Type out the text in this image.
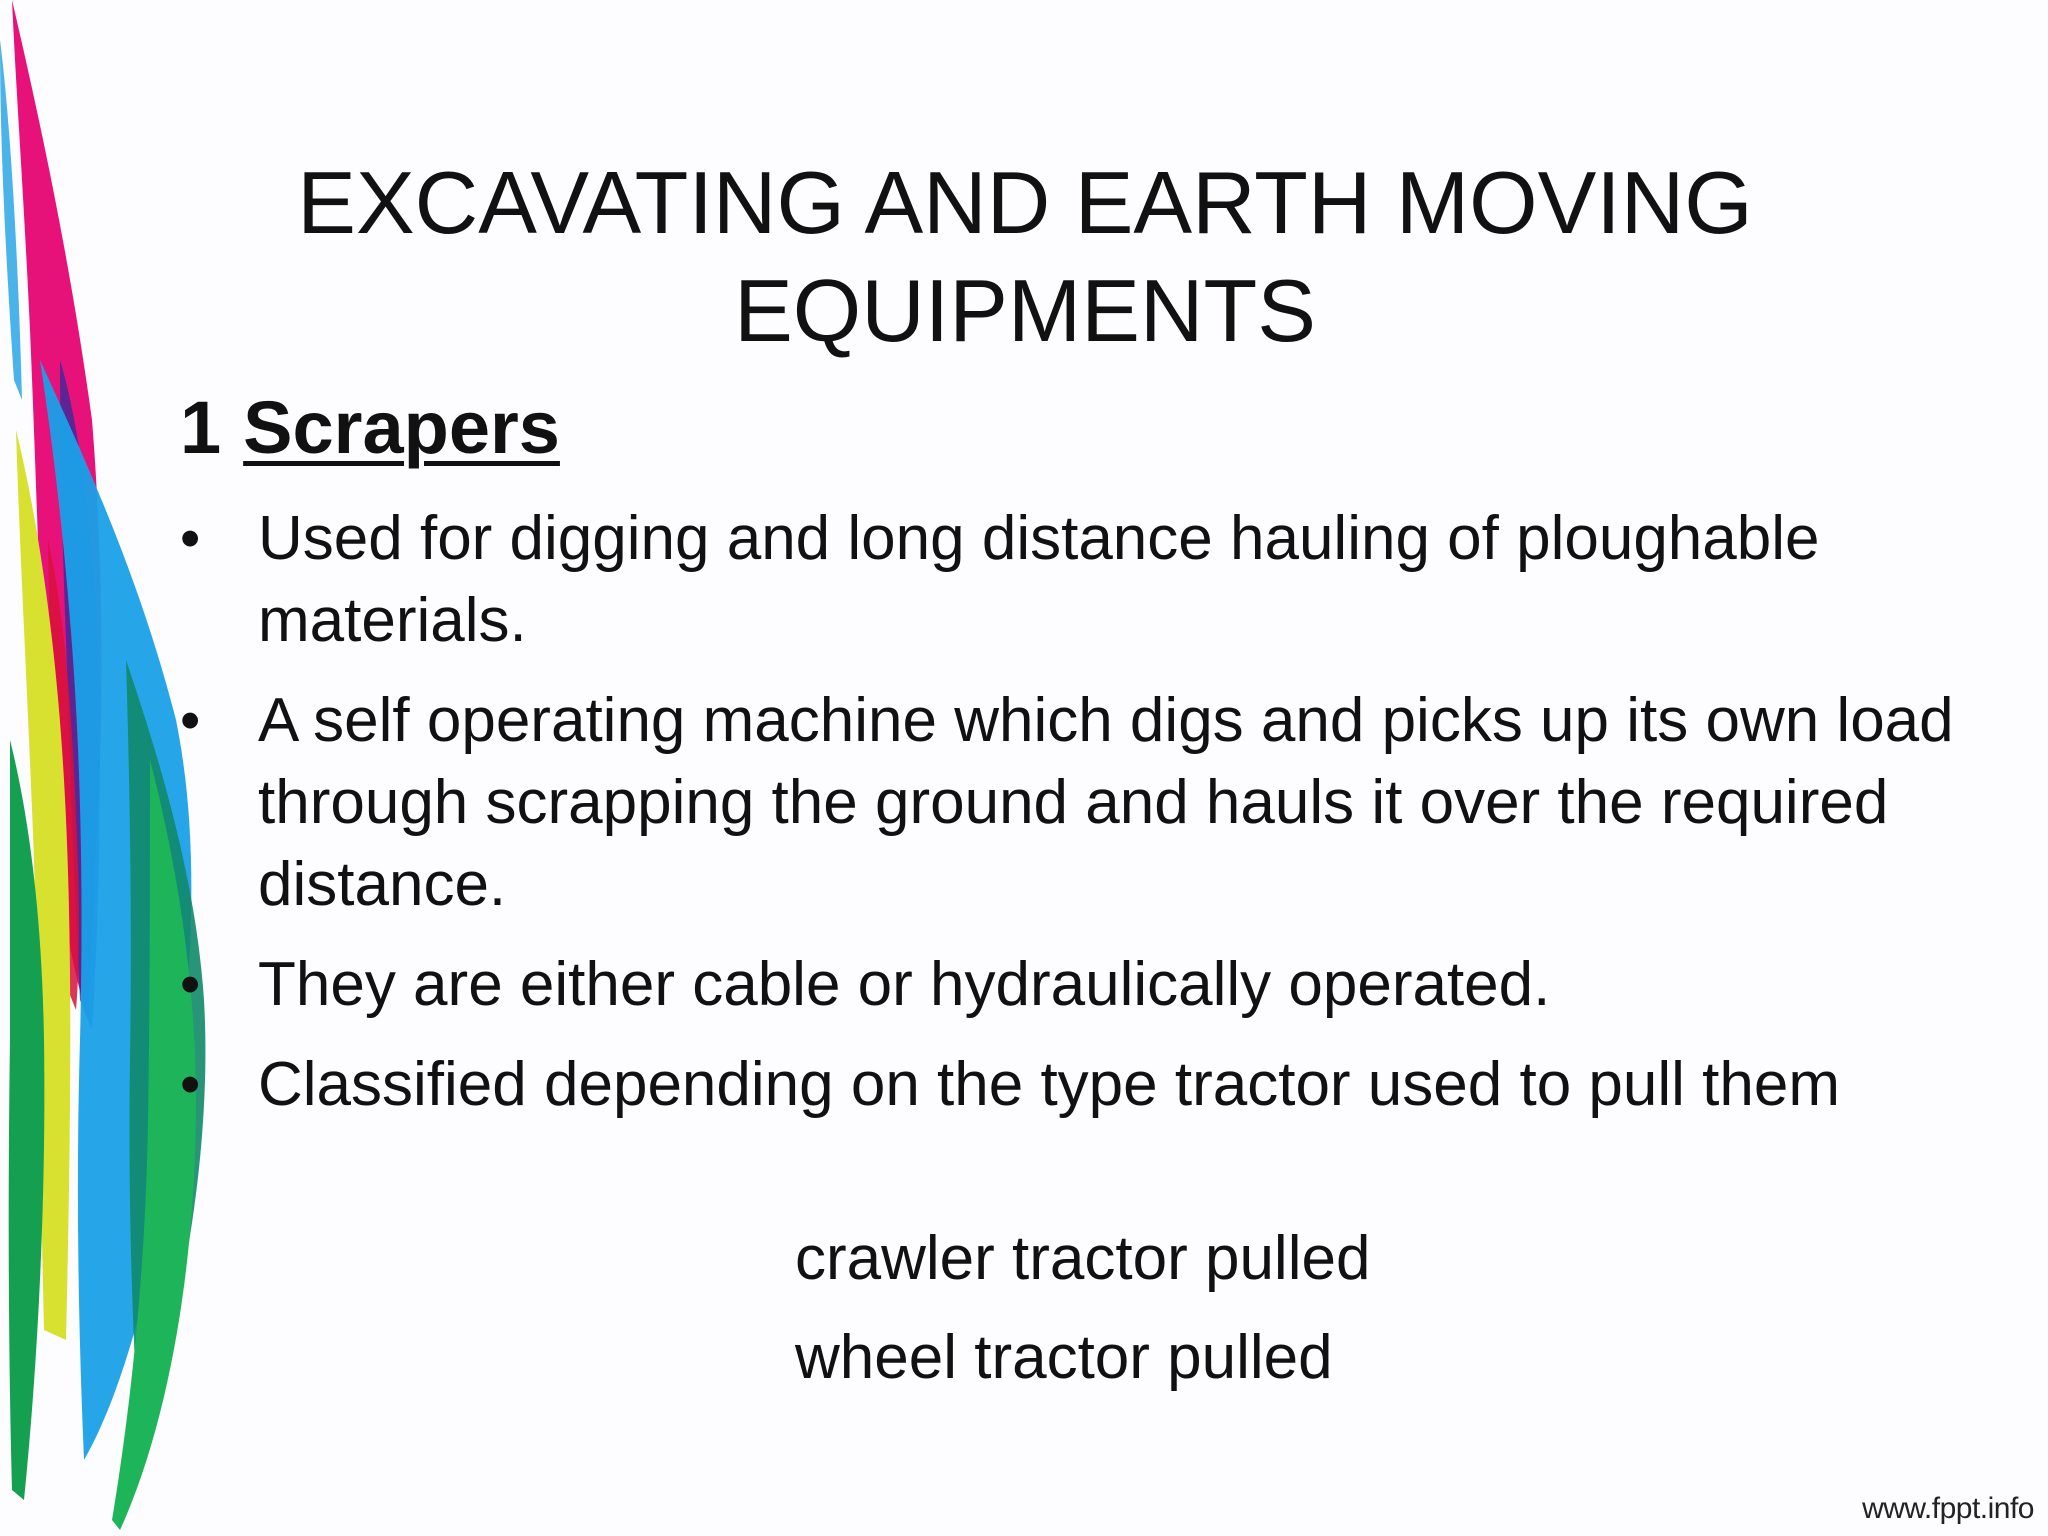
EXCAVATING AND EARTH MOVING
EQUIPMENTS
1 Scrapers
• Used for digging and long distance hauling of ploughable materials.
• A self operating machine which digs and picks up its own load through scrapping the ground and hauls it over the required distance.
• They are either cable or hydraulically operated.
• Classified depending on the type tractor used to pull them
crawler tractor pulled
wheel tractor pulled
www.fppt.info
